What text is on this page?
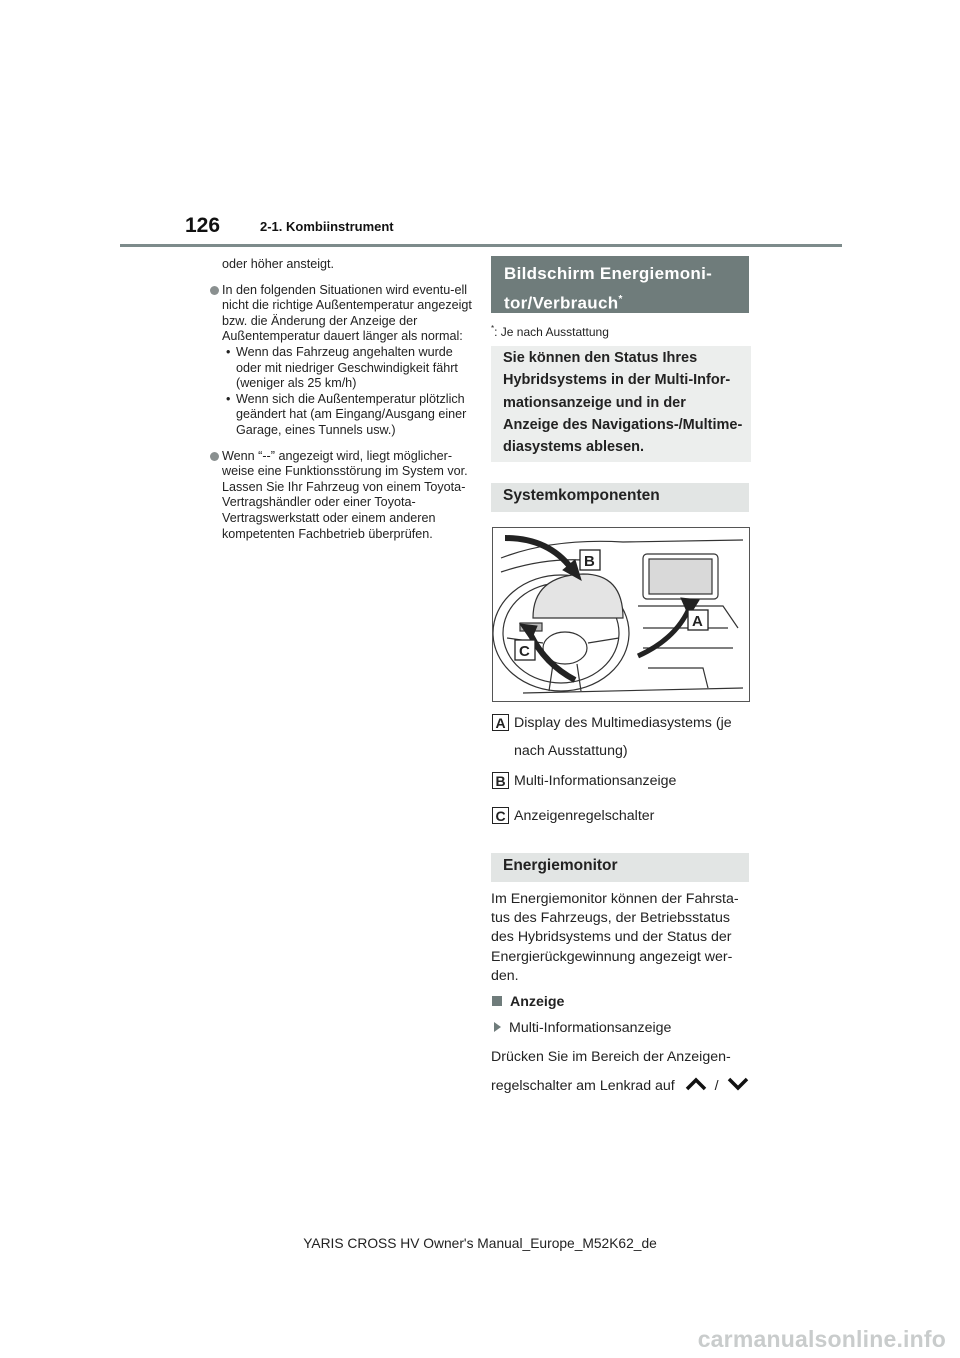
126	2-1. Kombiinstrument

oder höher ansteigt.

In den folgenden Situationen wird eventu-ell nicht die richtige Außentemperatur angezeigt bzw. die Änderung der Anzeige der Außentemperatur dauert länger als normal:

• Wenn das Fahrzeug angehalten wurde oder mit niedriger Geschwindigkeit fährt (weniger als 25 km/h)

• Wenn sich die Außentemperatur plötzlich geändert hat (am Eingang/Ausgang einer Garage, eines Tunnels usw.)

Wenn “--” angezeigt wird, liegt möglicher-weise eine Funktionsstörung im System vor. Lassen Sie Ihr Fahrzeug von einem Toyota-Vertragshändler oder einer Toyota-Vertragswerkstatt oder einem anderen kompetenten Fachbetrieb überprüfen.

Bildschirm Energiemoni-tor/Verbrauch*
*: Je nach Ausstattung
Sie können den Status Ihres Hybridsystems in der Multi-Infor-mationsanzeige und in der Anzeige des Navigations-/Multime-diasystems ablesen.
Systemkomponenten
B
A
C
A Display des Multimediasystems (je nach Ausstattung)
B Multi-Informationsanzeige
C Anzeigenregelschalter
Energiemonitor
Im Energiemonitor können der Fahrsta-tus des Fahrzeugs, der Betriebsstatus des Hybridsystems und der Status der Energierückgewinnung angezeigt wer-den.
Anzeige
Multi-Informationsanzeige
Drücken Sie im Bereich der Anzeigen-
regelschalter am Lenkrad auf	/
YARIS CROSS HV Owner's Manual_Europe_M52K62_de
carmanualsonline.info
